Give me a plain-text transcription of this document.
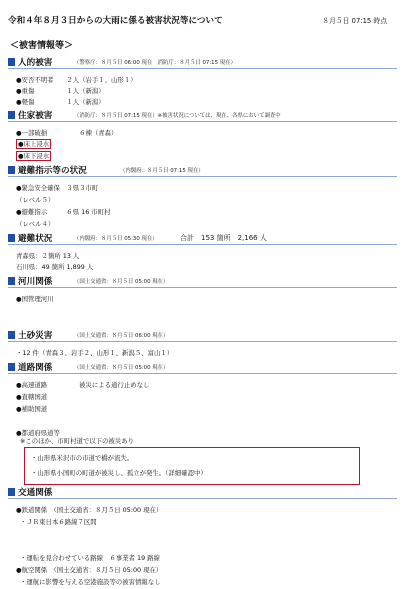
令和４年８月３日からの大雨に係る被害状況等について	８月５日 07:15 時点
＜被害情報等＞
人的被害	（警察庁：８月５日 06:00 現在　消防庁：８月５日 07:15 現在）
●安否不明者　　２人（岩手１、山形１）
●重傷　　　　　１人（新潟）
●軽傷　　　　　１人（新潟）
住家被害	（消防庁：８月５日 07:15 現在）※被害状況については、現在、各県において調査中
●一部破損　　　　　６棟（青森）
●床上浸水
●床下浸水
避難指示等の状況	（内閣府：８月５日 07:15 現在）
●緊急安全確保　３県３市町
（レベル５）
●避難指示　　　６県 16 市町村
（レベル４）
避難状況	（内閣府：８月５日 05:30 現在）	合計　153 箇所　2,166 人
青森県：２箇所 13 人
石川県：49 箇所 1,899 人
河川関係	（国土交通省：８月５日 05:00 現在）
●国管理河川
土砂災害	（国土交通省：８月５日 06:00 現在）
・12 件（青森３、岩手２、山形１、新潟５、富山１）
道路関係	（国土交通省：８月５日 05:00 現在）
●高速道路　　　　　被災による通行止めなし
●直轄国道
●補助国道
●都道府県道等
※このほか、市町村道で以下の被災あり
・山形県米沢市の市道で橋が流失。
・山形県小国町の町道が被災し、孤立が発生。（詳細確認中）
交通関係
●鉄道関係　（国土交通省：８月５日 05:00 現在）
・ＪＲ東日本６路線７区間
・運転を見合わせている路線　６事業者 19 路線
●航空関係　（国土交通省：８月５日 05:00 現在）
・運航に影響を与える空港施設等の被害情報なし
